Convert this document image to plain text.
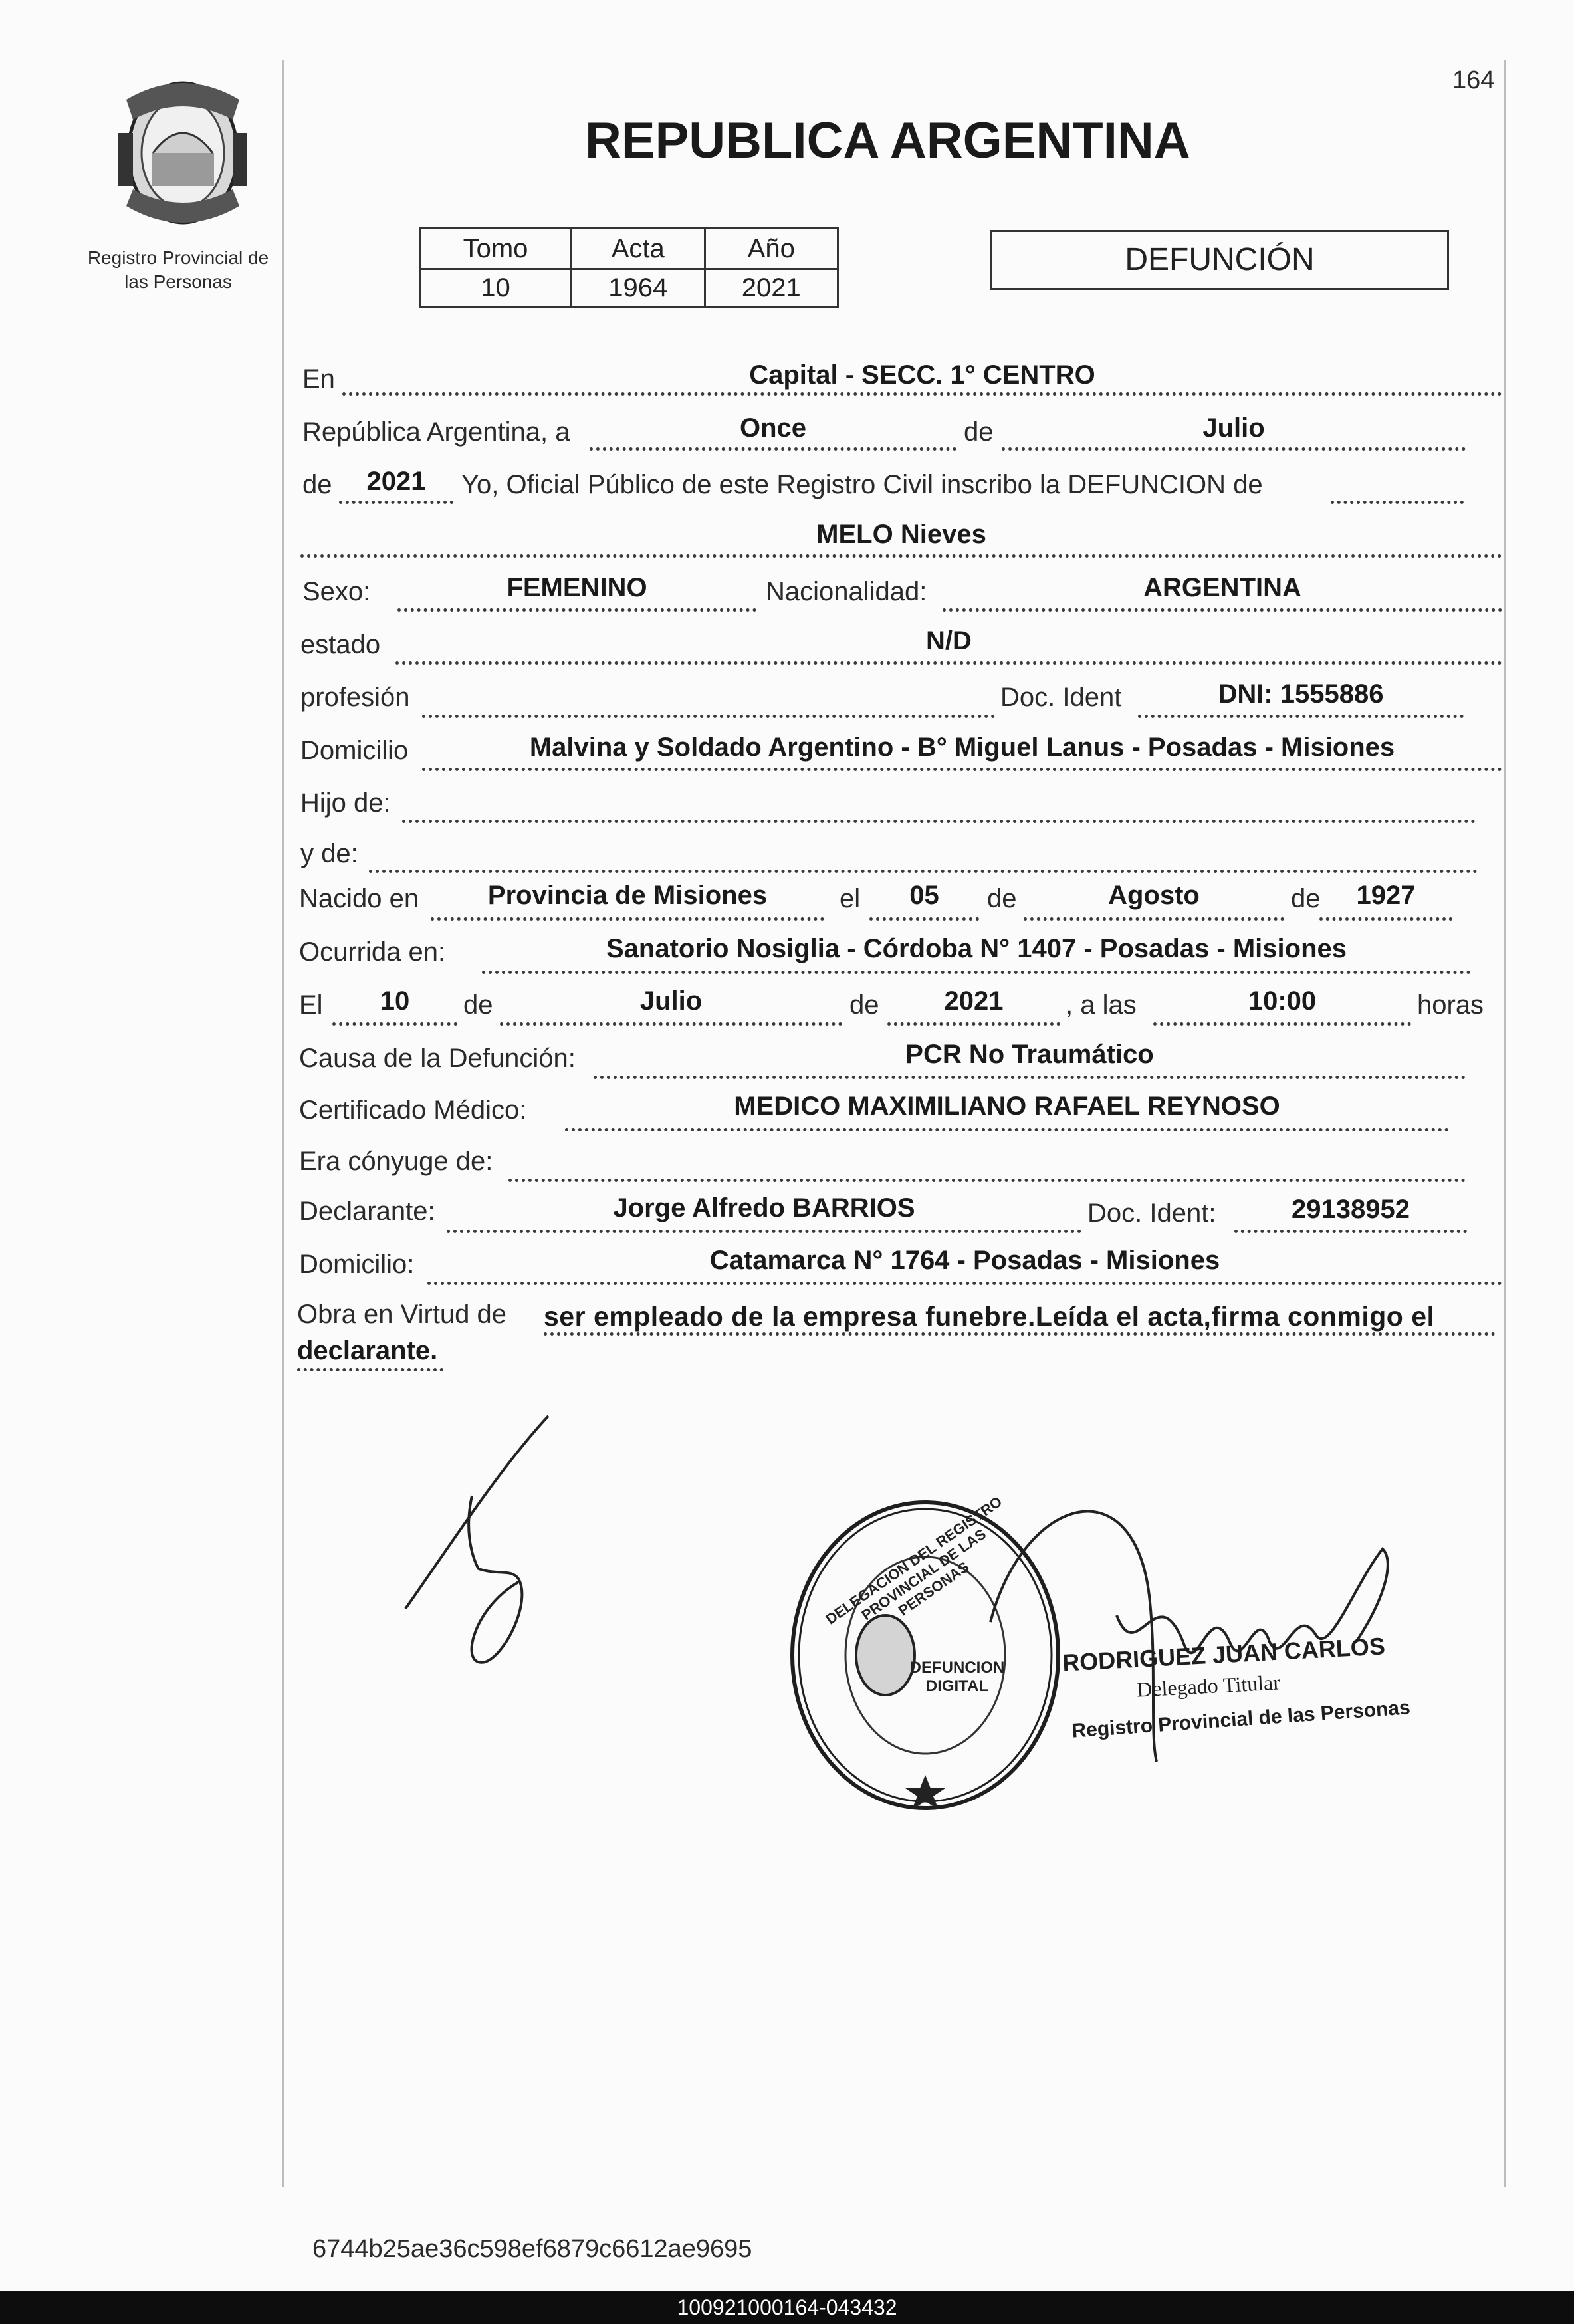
164
Registro Provincial de
las Personas
REPUBLICA ARGENTINA
Tomo	Acta	Año
10	1964	2021
DEFUNCIÓN
En	Capital - SECC. 1° CENTRO
República Argentina, a	Once	de	Julio
de	2021	Yo, Oficial Público de este Registro Civil inscribo la DEFUNCION de
MELO Nieves
Sexo:	FEMENINO	Nacionalidad:	ARGENTINA
estado	N/D
profesión	Doc. Ident	DNI: 1555886
Domicilio	Malvina y Soldado Argentino - B° Miguel Lanus - Posadas - Misiones
Hijo de:
y de:
Nacido en	Provincia de Misiones	el	05	de	Agosto	de	1927
Ocurrida en:	Sanatorio Nosiglia - Córdoba N° 1407 - Posadas - Misiones
El	10	de	Julio	de	2021	, a las	10:00	horas
Causa de la Defunción:	PCR No Traumático
Certificado Médico:	MEDICO MAXIMILIANO RAFAEL REYNOSO
Era cónyuge de:
Declarante:	Jorge Alfredo BARRIOS	Doc. Ident:	29138952
Domicilio:	Catamarca N° 1764 - Posadas - Misiones
Obra en Virtud de ser empleado de la empresa funebre.Leída el acta,firma conmigo el
declarante.
DELEGACION DEL REGISTRO PROVINCIAL DE LAS PERSONAS
DEFUNCION DIGITAL
RODRIGUEZ JUAN CARLOS
Delegado Titular
Registro Provincial de las Personas
6744b25ae36c598ef6879c6612ae9695
100921000164-043432
